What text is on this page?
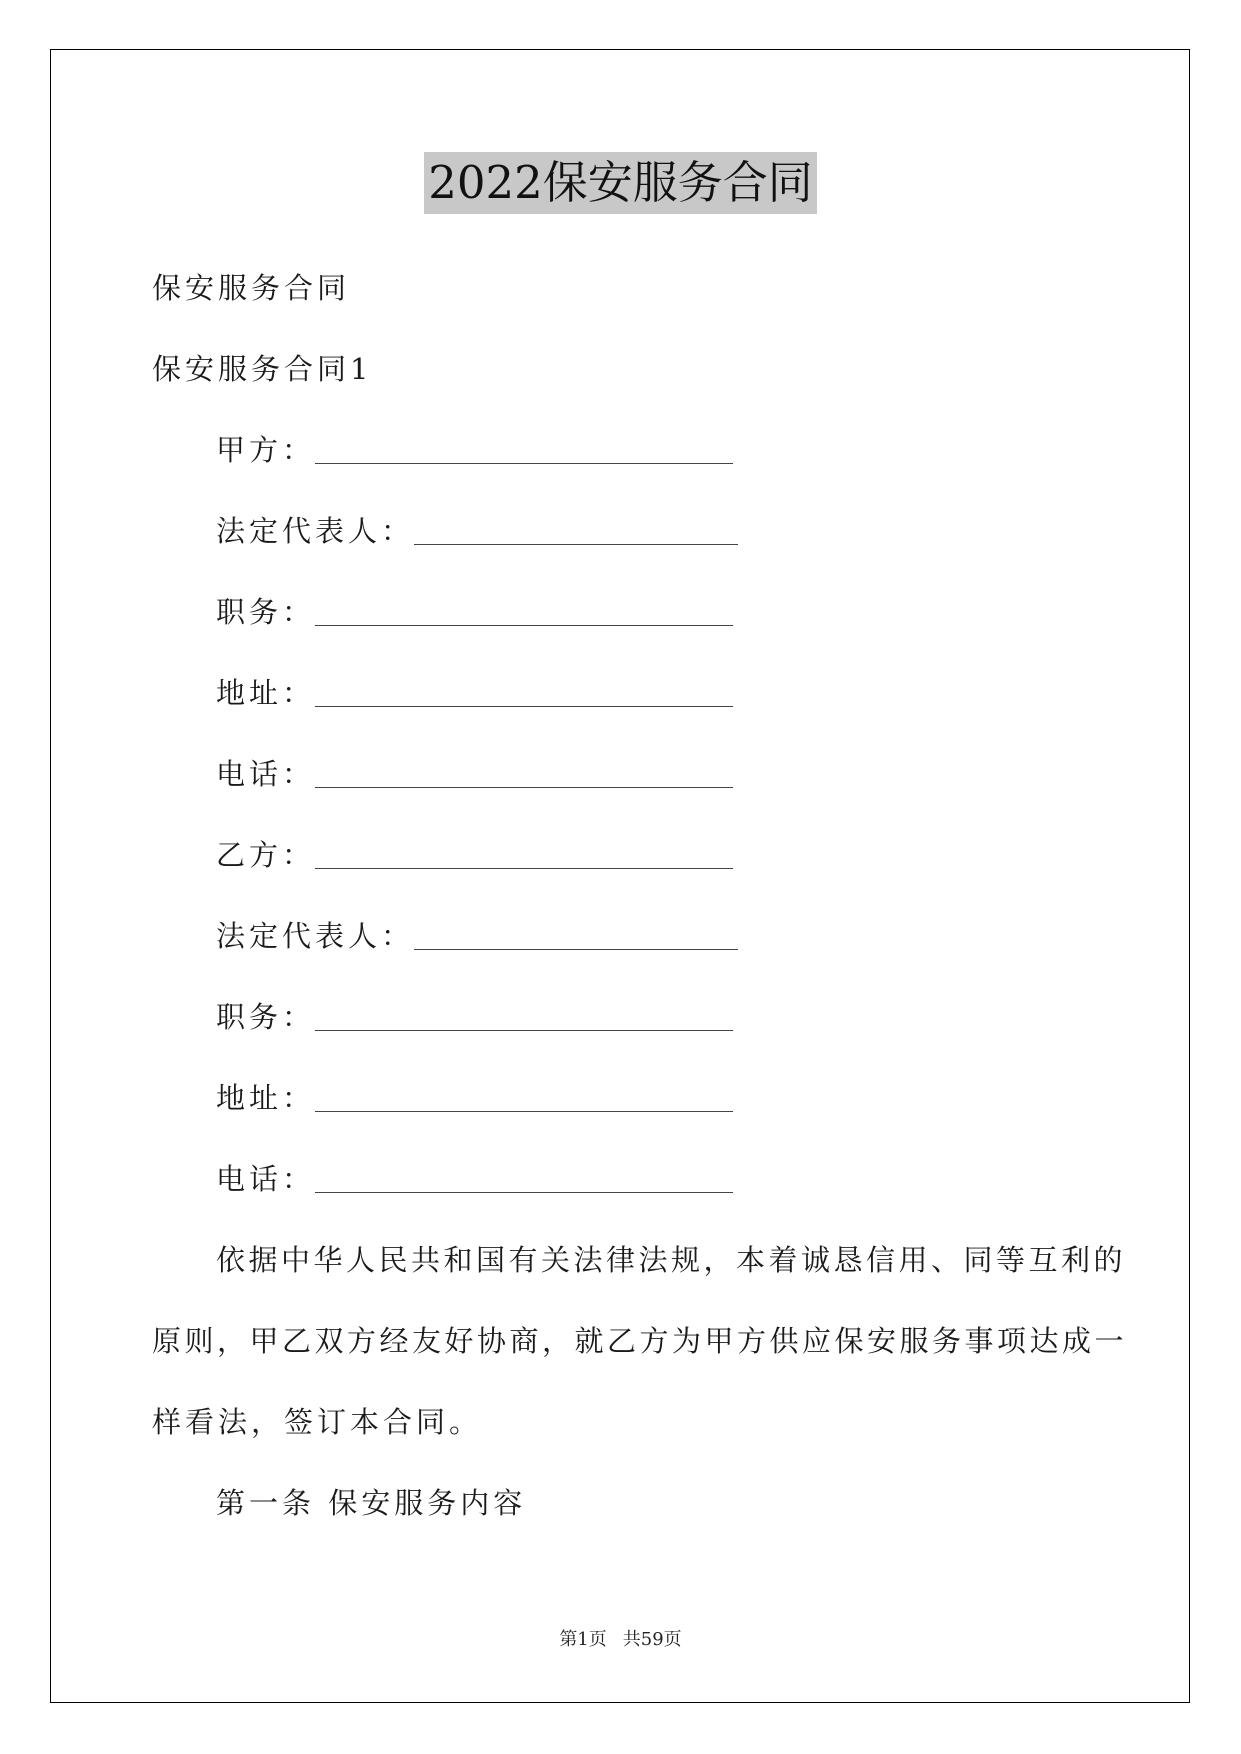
2022保安服务合同
保安服务合同
保安服务合同1
甲方：
法定代表人：
职务：
地址：
电话：
乙方：
法定代表人：
职务：
地址：
电话：
依据中华人民共和国有关法律法规，本着诚恳信用、同等互利的
原则，甲乙双方经友好协商，就乙方为甲方供应保安服务事项达成一
样看法，签订本合同。
第一条 保安服务内容
第1页 共59页
